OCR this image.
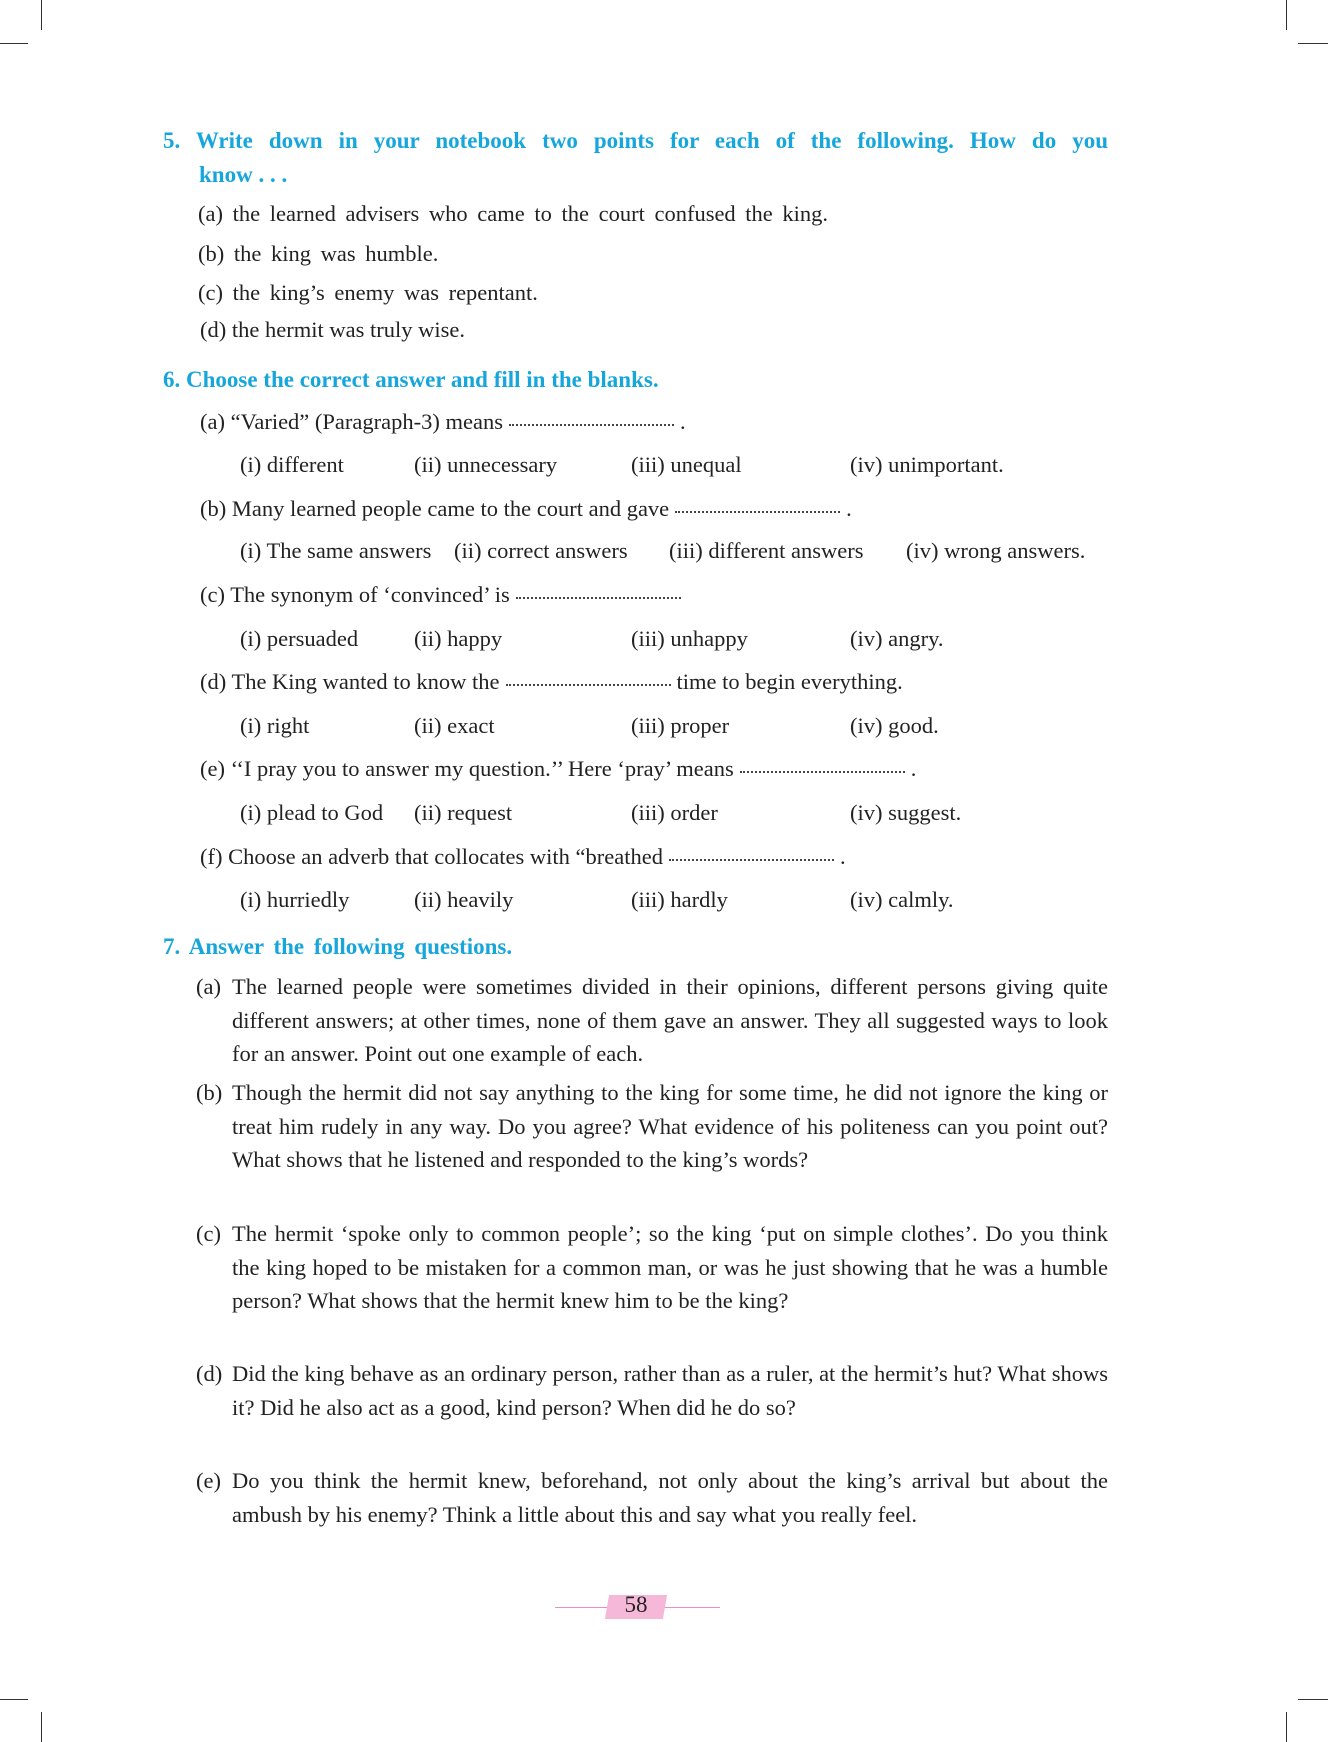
5. Write down in your notebook two points for each of the following. How do you
know . . .
(a) the learned advisers who came to the court confused the king.
(b) the king was humble.
(c) the king’s enemy was repentant.
(d) the hermit was truly wise.
6. Choose the correct answer and fill in the blanks.
(a) “Varied” (Paragraph-3) means	.
(i) different	(ii) unnecessary	(iii) unequal	(iv) unimportant.
(b) Many learned people came to the court and gave	.
(i) The same answers (ii) correct answers (iii) different answers (iv) wrong answers.
(c) The synonym of ‘convinced’ is
(i) persuaded (ii) happy	(iii) unhappy	(iv) angry.
(d) The King wanted to know the	time to begin everything.
(i) right	(ii) exact	(iii) proper	(iv) good.
(e) ‘‘I pray you to answer my question.’’ Here ‘pray’ means	.
(i) plead to God (ii) request	(iii) order	(iv) suggest.
(f) Choose an adverb that collocates with “breathed	.
(i) hurriedly	(ii) heavily	(iii) hardly	(iv) calmly.
7. Answer the following questions.
(a) The learned people were sometimes divided in their opinions, different persons giving quite different answers; at other times, none of them gave an answer. They all suggested ways to look for an answer. Point out one example of each.
(b) Though the hermit did not say anything to the king for some time, he did not ignore the king or treat him rudely in any way. Do you agree? What evidence of his politeness can you point out? What shows that he listened and responded to the king’s words?
(c) The hermit ‘spoke only to common people’; so the king ‘put on simple clothes’. Do you think the king hoped to be mistaken for a common man, or was he just showing that he was a humble person? What shows that the hermit knew him to be the king?
(d) Did the king behave as an ordinary person, rather than as a ruler, at the hermit’s hut? What shows it? Did he also act as a good, kind person? When did he do so?
(e) Do you think the hermit knew, beforehand, not only about the king’s arrival but about the ambush by his enemy? Think a little about this and say what you really feel.
58
